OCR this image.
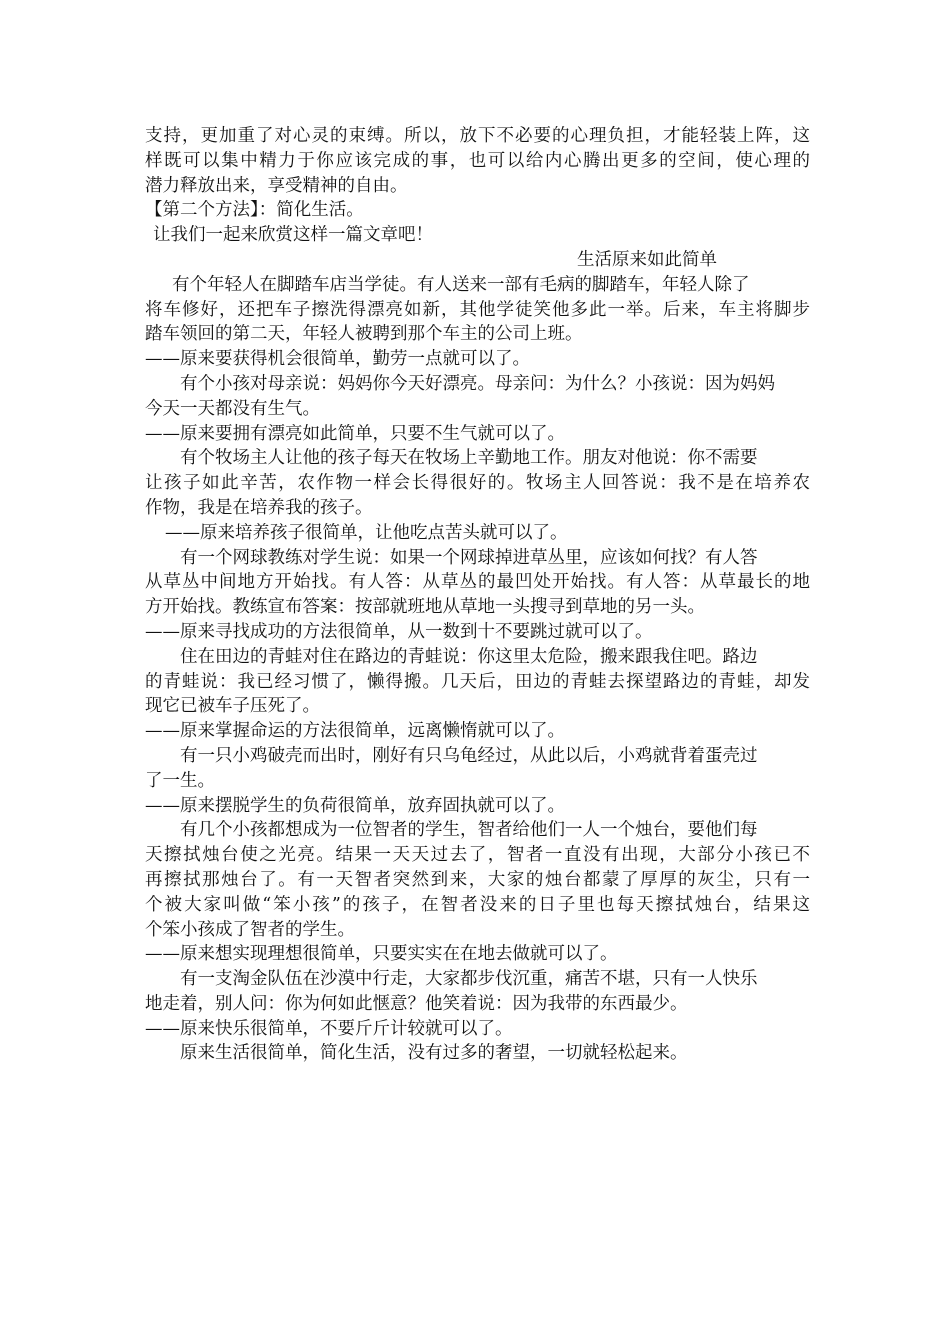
支持，更加重了对心灵的束缚。所以，放下不必要的心理负担，才能轻装上阵，这
样既可以集中精力于你应该完成的事，也可以给内心腾出更多的空间，使心理的
潜力释放出来，享受精神的自由。
【第二个方法】：简化生活。
让我们一起来欣赏这样一篇文章吧！
生活原来如此简单
有个年轻人在脚踏车店当学徒。有人送来一部有毛病的脚踏车，年轻人除了
将车修好，还把车子擦洗得漂亮如新，其他学徒笑他多此一举。后来，车主将脚步
踏车领回的第二天，年轻人被聘到那个车主的公司上班。
——原来要获得机会很简单，勤劳一点就可以了。
有个小孩对母亲说：妈妈你今天好漂亮。母亲问：为什么？小孩说：因为妈妈
今天一天都没有生气。
——原来要拥有漂亮如此简单，只要不生气就可以了。
有个牧场主人让他的孩子每天在牧场上辛勤地工作。朋友对他说：你不需要
让孩子如此辛苦，农作物一样会长得很好的。牧场主人回答说：我不是在培养农
作物，我是在培养我的孩子。
——原来培养孩子很简单，让他吃点苦头就可以了。
有一个网球教练对学生说：如果一个网球掉进草丛里，应该如何找？有人答
从草丛中间地方开始找。有人答：从草丛的最凹处开始找。有人答：从草最长的地
方开始找。教练宣布答案：按部就班地从草地一头搜寻到草地的另一头。
——原来寻找成功的方法很简单，从一数到十不要跳过就可以了。
住在田边的青蛙对住在路边的青蛙说：你这里太危险，搬来跟我住吧。路边
的青蛙说：我已经习惯了，懒得搬。几天后，田边的青蛙去探望路边的青蛙，却发
现它已被车子压死了。
——原来掌握命运的方法很简单，远离懒惰就可以了。
有一只小鸡破壳而出时，刚好有只乌龟经过，从此以后，小鸡就背着蛋壳过
了一生。
——原来摆脱学生的负荷很简单，放弃固执就可以了。
有几个小孩都想成为一位智者的学生，智者给他们一人一个烛台，要他们每
天擦拭烛台使之光亮。结果一天天过去了，智者一直没有出现，大部分小孩已不
再擦拭那烛台了。有一天智者突然到来，大家的烛台都蒙了厚厚的灰尘，只有一
个被大家叫做“笨小孩”的孩子，在智者没来的日子里也每天擦拭烛台，结果这
个笨小孩成了智者的学生。
——原来想实现理想很简单，只要实实在在地去做就可以了。
有一支淘金队伍在沙漠中行走，大家都步伐沉重，痛苦不堪，只有一人快乐
地走着，别人问：你为何如此惬意？他笑着说：因为我带的东西最少。
——原来快乐很简单，不要斤斤计较就可以了。
原来生活很简单，简化生活，没有过多的奢望，一切就轻松起来。
